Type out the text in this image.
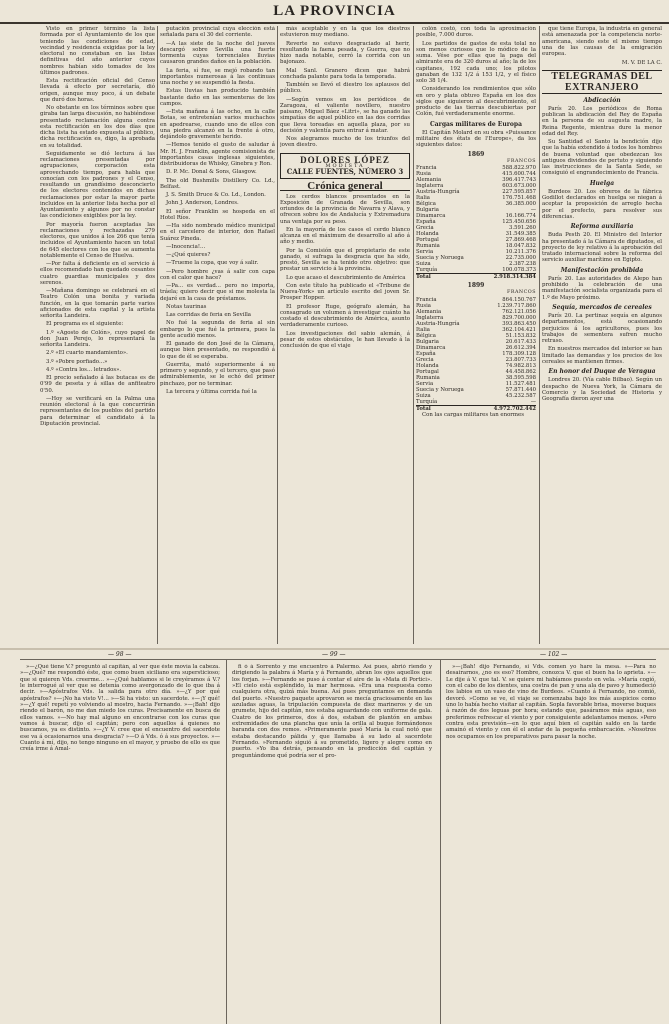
LA PROVINCIA

Visto en primer término la lista formada por el Ayuntamiento de los que teniendo las condiciones de edad, vecindad y residencia exigidas por la ley electoral no constaban en las listas definitivas del año anterior cuyos nombres habían sido tomados de los últimos padrones.

Esta rectificación oficial del Censo llevada á efecto por secretaría, dió origen, aunque muy poco, á un debate que duró dos horas.

No obstante en los términos sobre que giraba tan larga discusión, no habiéndose presentado reclamación alguna contra esta rectificación en los dos días que dicha lista ha estado expuesta al público, dicha rectificación es, digo, la aprobada en su totalidad.

Seguidamente se dió lectura á las reclamaciones presentadas por agrupaciones, corporación esta aprovechando tiempo, para habla que conocían con los padrones y el Censo, resultando un grandísimo desconcierto de los electores contenidos en dichas reclamaciones por estar la mayor parte incluidos en la anterior lista hecha por el Ayuntamiento y algunos por no constar las condiciones exigibles por la ley.

Por mayoría fueron aceptadas las reclamaciones y rechazadas 279 electores, que unidos á los 266 que tenía incluidos el Ayuntamiento hacen un total de 645 electores con los que se aumenta notablemente el Censo de Huelva.

—Por falta á deficiente en el servicio á ellos recomendado han quedado cesantes cuatro guardias municipales y dos serenos.

—Mañana domingo se celebrará en el Teatro Colón una bonita y variada función, en la que tomarán parte varios aficionados de esta capital y la artista señorita Landeira.

El programa es el siguiente:

1.º «Agosto de Colón», cuyo papel de don Juan Perejo, lo representará la señorita Landeira.

2.º «El cuarto mandamiento».

3.º «Pobre porfiado...»

4.º «Contra los... letrados».

El precio señalado á las butacas es de 0'99 de peseta y á sillas de anfiteatro 0'50.

—Hoy se verificará en la Palma una reunión electoral á la que concurrirán representantes de los pueblos del partido para determinar el candidato á la Diputación provincial.

putación provincial cuya elección está señalada para el 30 del corriente.

—A las siete de la noche del jueves descargó sobre Sevilla una fuerte tormenta cuyas torrenciales lluvias causaron grandes daños en la población.

La feria, sí fue, se mejó robando tan importantes numerosas á las continuas una noche y se suspendió la fiesta.

Estas lluvias han producido también bastante daño en las sementeras de los campos.

—Esta mañana á las ocho, en la calle Botas, se entretenían varios muchachos en apedrearse, cuando uno de ellos con una piedra alcanzó en la frente á otro, dejándolo gravemente herido.

—Hemos tenido el gusto de saludar á Mr. H. J. Franklin, agente comisionista de importantes casas inglesas siguientes, distribuidoras de Whisky, Ginebra y Ron.

D. P. Mc. Donal & Sons, Glasgow.

The old Bushmills Distillery Co. Ld., Belfast.

J. S. Smith Druce & Co. Ld., London.

John J. Anderson, Londres.

El señor Franklin se hospeda en el Hotel Ríos.

—Ha sido nombrado médico municipal en el carcelero de interior, don Rafael Suárez Pineda.

—Inocencia!...

—¿Qué quieres?

—Trueme la copa, que voy á salir.

—Pero hombre ¿vas á salir con capa con el calor que hace?

—Pa... es verdad... pero no importa, tráela; quiero decir que si me molesta la dejaré en la casa de préstamos.

Notas taurinas

Las corridas de feria en Sevilla

No fué la segunda de feria al sin embargo lo que fué la primera, pues la gente acudió menos.

El ganado de don José de la Cámara, aunque bien presentado, no respondió á lo que de él se esperaba.

Guerrita, mató superiormente á su primero y segundo, y el tercero, que pasó admirablemente, se le echó del primer pinchazo, por no terminar.

La tercera y última corrida fué la

más aceptable y en la que los diestros estuvieron muy mediano.

Reverte no estuvo desgraciado al herir, resultando la faena pesada, y Guerra, que no hizo nada notable, cerró la corrida con un bajonazo.

Mal Sanl. Granero dicen que habrá conchada palante para toda la temporada.

También se llevó el diestro los aplausos del público.

—Según vemos en los periódicos de Zaragoza, el valiente novillero, nuestro paisano, Miguel Báez «Litri», se ha ganado las simpatías de aquel público en las dos corridas que lleva toreadas en aquella plaza, por su decisión y valentía para entrar á matar.

Nos alegramos mucho de los triunfos del joven diestro.

DOLORES LÓPEZ
MODISTA
CALLE FUENTES, NÚMERO 3
Crónica general

Los cerdos blancos presentados en la Exposición de Granada de Sevilla, son oriundos de la provincia de Navarra y Alava, y ofrecen sobre los de Andalucía y Extremadura una ventaja por su peso.

En la mayoría de los casos el cerdo blanco alcanza en el máximum de desarrollo al año á año y medio.

Por la Comisión que el propietario de este ganado, si sufraga la desgracia que ha sido, prestó, Sevilla se ha tenido otro objetivo: que prestar un servicio á la provincia.

Lo que acaso el descubrimiento de América

Con este título ha publicado el «Tribune de Nueva-York» un artículo escrito del joven Sr. Prosper Hopper.

El profesor Ruge, geógrafo alemán, ha consagrado un volumen á investigar cuánto ha costado el descubrimiento de América, asunto verdaderamente curioso.

Los investigaciones del sabio alemán, á pesar de estos obstáculos, le han llevado á la conclusión de que el viaje

colón costó, con toda la aproximación posible, 7.000 duros.

Los partidos de gastos de esta tolal no son menos curiosos que lo módico de la suma. Vése por ellas que la paga del almirante era de 320 duros al año; la de los capitanes, 192 cada uno; los pilotos ganaban de 132 1/2 á 153 1/2, y el físico solo 38 1/4.

Considerando los rendimientos que sólo en oro y plata obtuvo España en los dos siglos que siguieron al descubrimiento, el producto de las tierras descubiertas por Colón, fué verdaderamente enorme.

Cargas militares de Europa

El Capitán Molard en su obra «Puissance militaire des états de l'Europe», da los siguientes datos:

1869
FRANCOS
Francia	588.822.970
Rusia	415.600.744
Alemania	396.417.743
Inglaterra	603.673.000
Austria-Hungría	227.595.857
Italia	176.751.468
Bélgica	36.385.000
Bulgaria	—
Dinamarca	16.166.774
España	125.450.656
Grecia	3.591.260
Holanda	31.549.385
Portugal	27.869.468
Rumania	18.047.832
Servia	10.211.376
Suecia y Noruega	22.735.000
Suiza	2.387.238
Turquía	100.078.373
Total	2.918.314.384
1899
FRANCOS
Francia	864.150.767
Rusia	1.239.717.860
Alemania	762.121.056
Inglaterra	829.700.000
Austria-Hungría	393.863.450
Italia	362.104.421
Bélgica	51.153.832
Bulgaria	20.617.433
Dinamarca	26.612.394
España	178.309.128
Grecia	23.807.733
Holanda	74.982.813
Portugal	44.458.862
Rumania	38.595.598
Servia	11.527.481
Suecia y Noruega	57.871.440
Suiza	45.232.587
Turquía	—
Total	4.972.702.442

Con las cargas militares tan enormes

que tiene Europa, la industria en general está amenazada por la competencia norte-americana, siendo este el mismo tiempo una de las causas de la emigración europea.

M. V. DE LA C.
TELEGRAMAS DEL EXTRANJERO
Abdicación

París 20. Los periódicos de Roma publican la abdicación del Rey de España en la persona de su augusta madre, la Reina Regente, mientras dure la menor edad del Rey.

Su Santidad el Santo la bendición dijo que la había extendido á todos los hombres de buena voluntad que obedezcan los antiguos dividendos de pertuto y siguiendo las instrucciones de la Santa Sede, se consiguió el engrandecimiento de Francia.

Huelga

Burdeos 20. Los obreros de la fábrica Godillot declarados en huelga se niegan á aceptar la proposición de arreglo hecha por el prefecto, para resolver sus diferencias.

Reforma auxiliaria

Buda Pesth 20. El Ministro del Interior ha presentado á la Cámara de diputados, el proyecto de ley relativo á la aprobación del tratado internacional sobre la reforma del servicio auxiliar marítimo en Egipto.

Manifestación prohibida

París 20. Las autoridades de Alepo han prohibido la celebración de una manifestación socialista organizada para el 1.º de Mayo próximo.

Sequía, mercados de cereales

París 20. La pertinaz sequía en algunos departamentos, está ocasionando perjuicios á los agricultores, pues los trabajos de sementera sufren mucho retraso.

En nuestros mercados del interior se han limitado las demandas y los precios de los cereales se mantienen firmes.

En honor del Duque de Veragua

Londres 20. (Vía cable Bilbao). Según un despacho de Nueva York, la Cámara de Comercio y la Sociedad de Historia y Geografía dieron ayer una

— 98 —	— 99 —	— 102 —

»—¿Qué tiene V.? preguntó al capitán, al ver que éste movía la cabeza. »—¿Qué? me respondió éste, que como buen siciliano era supersticioso; que si quieren Vds. creerme... »—¿Qué hablamos si le creyéramos á V.? le interrogué al ver que se detenía como avergonzado de lo que iba á decir. »—Apóstrafos Vds. la salida para otro día. »—¿Y por qué apóstrafos? »—¡No ha visto V!... »—Si ha visto: un sacerdote. »—¡Y qué! »—¿Y qué! repetí yo volviendo al mostro, hacia Fernando. »—¡Bah! dijo riendo el barón, no me dan miedo los curas. Precisamente en busca de ellos vamos. »—No hay mal alguno en encontrarse con los curas que vamos á buscar, dijo el capitán; pero con aquellos á quienes no buscamos, ya es distinto. »—¿Y V. cree que el encuentro del sacerdote ese va á ocasionarnos una desgracia? »—O á Vds. ó á sus proyectos. »—Cuanto á mí, dijo, no tengo ninguno en el mayor, y pruebo de ello es que creía irme á Amal-

fi ó á Sorrento y me encuentro á Palermo. Así pues, abrió riendo y dirigiendo la palabra á María y á Fernando, abran los ojos aquellos que los forjan. »—Fernando se puso á contar el aire de la «Mata di Portici». »El cielo está espléndido, la mar hermosa. »Era una respuesta como cualquiera otra, quizá más buena. Así pues preguntamos en demanda del puerto. »Nuestro paquete aprovaron se mecía graciosamente en las azuladas aguas, la tripulación compuesta de diez marineros y de un grumete, hijo del capitán, nos estaba aguardando con uniforme de gala. Cuatro de los primeros, dos á dos, estaban de plantón en ambas extremidades de una plancha que unía la orilla al buque formándonos baranda con dos remos. »Primeramente pasó María la cual notó que estaba destacando pálida y que llamaba á su lado al sacerdote Fernando. »Fernando siguió á su prometido, ligero y alegre como en puerto. »Yo iba detrás, pensando en la predicción del capitán y preguntándome qué podría ser el pro-

»—¡Bah! dijo Fernando, si Vds. comen yo hare la mesa. »—Para no desairarnos, ¿no es eso? Hombre, conozca V. que el buen ha lo aprieta. »—Le dije á V. que tal. V. se quiere mi habíamos puesto en vela. »María cogió, con el cabo de los dientes, una costra de pan y una ala de pavo y humedeció los labios en un vaso de vino de Burdeos. »Cuanto á Fernando, no comió, devoró. »Como se ve, el viaje se comenzaba bajo los más auspicios como uno lo había hecho visitar al capitán. Sopla favorable brisa, moverse buques á razón de dos leguas por hora; estando que, pasáramos más aguas, eso preferimos refrescar el viento y por consiguiente adelantamos menos. »Pero contra esta previsión—en lo que aquí bien el capitán saldo en la tarde amainó el viento y con él el andar de la pequeña embarcación. »Nosotros nos ocupamos en los preparativos para pasar la noche.
